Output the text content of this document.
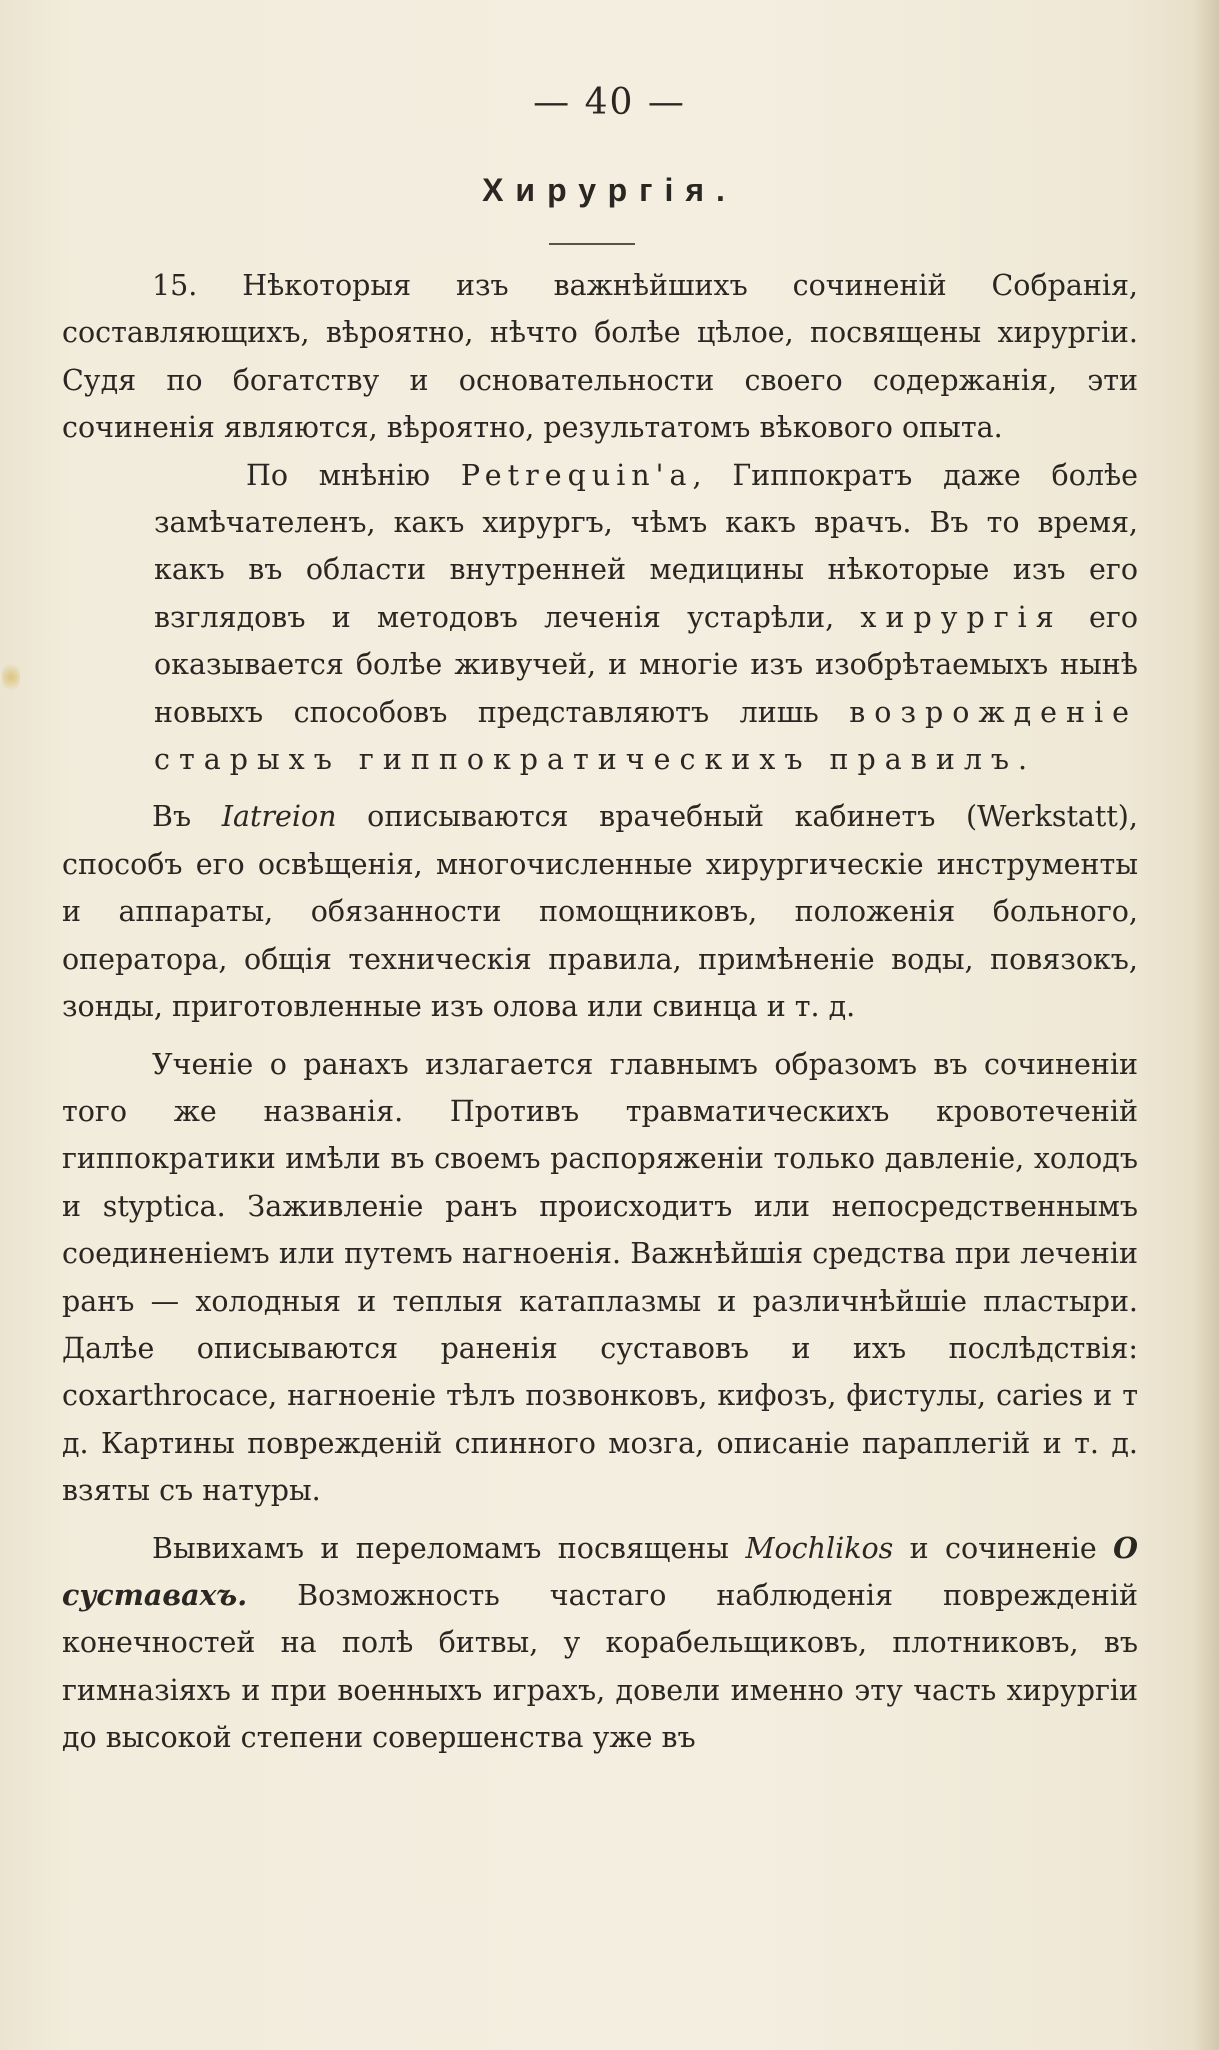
— 40 —
Хирургія.

15. Нѣкоторыя изъ важнѣйшихъ сочиненій Собранія, составляющихъ, вѣроятно, нѣчто болѣе цѣлое, посвящены хирургіи. Судя по богатству и основательности своего содержанія, эти сочиненія являются, вѣроятно, результатомъ вѣкового опыта.

По мнѣнію Petrequin'а, Гиппократъ даже болѣе замѣчателенъ, какъ хирургъ, чѣмъ какъ врачъ. Въ то время, какъ въ области внутренней медицины нѣкоторые изъ его взглядовъ и методовъ леченія устарѣли, хирургія его оказывается болѣе живучей, и многіе изъ изобрѣтаемыхъ нынѣ новыхъ способовъ представляютъ лишь возрожденіе старыхъ гиппократическихъ правилъ.

Въ Iatreion описываются врачебный кабинетъ (Werkstatt), способъ его освѣщенія, многочисленные хирургическіе инструменты и аппараты, обязанности помощниковъ, положенія больного, оператора, общія техническія правила, примѣненіе воды, повязокъ, зонды, приготовленные изъ олова или свинца и т. д.

Ученіе о ранахъ излагается главнымъ образомъ въ сочиненіи того же названія. Противъ травматическихъ кровотеченій гиппократики имѣли въ своемъ распоряженіи только давленіе, холодъ и styptica. Заживленіе ранъ происходитъ или непосредственнымъ соединеніемъ или путемъ нагноенія. Важнѣйшія средства при леченіи ранъ — холодныя и теплыя катаплазмы и различнѣйшіе пластыри. Далѣе описываются раненія суставовъ и ихъ послѣдствія: coxarthrocace, нагноеніе тѣлъ позвонковъ, кифозъ, фистулы, caries и т д. Картины поврежденій спинного мозга, описаніе параплегій и т. д. взяты съ натуры.

Вывихамъ и переломамъ посвящены Mochlikos и сочиненіе О суставахъ. Возможность частаго наблюденія поврежденій конечностей на полѣ битвы, у корабельщиковъ, плотниковъ, въ гимназіяхъ и при военныхъ играхъ, довели именно эту часть хирургіи до высокой степени совершенства уже въ
